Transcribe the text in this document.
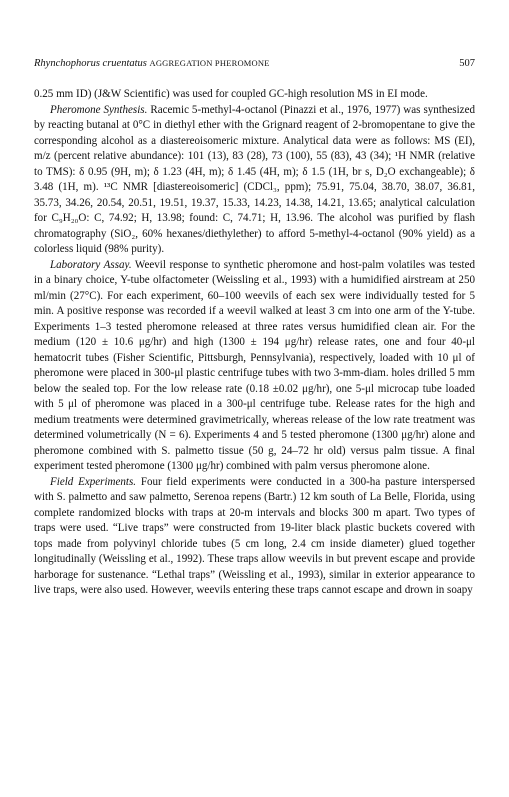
Rhynchophorus cruentatus AGGREGATION PHEROMONE	507

0.25 mm ID) (J&W Scientific) was used for coupled GC-high resolution MS in EI mode.

Pheromone Synthesis. Racemic 5-methyl-4-octanol (Pinazzi et al., 1976, 1977) was synthesized by reacting butanal at 0°C in diethyl ether with the Grignard reagent of 2-bromopentane to give the corresponding alcohol as a diastereoisomeric mixture. Analytical data were as follows: MS (EI), m/z (percent relative abundance): 101 (13), 83 (28), 73 (100), 55 (83), 43 (34); ¹H NMR (relative to TMS): δ 0.95 (9H, m); δ 1.23 (4H, m); δ 1.45 (4H, m); δ 1.5 (1H, br s, D₂O exchangeable); δ 3.48 (1H, m). ¹³C NMR [diastereoisomeric] (CDCl₃, ppm); 75.91, 75.04, 38.70, 38.07, 36.81, 35.73, 34.26, 20.54, 20.51, 19.51, 19.37, 15.33, 14.23, 14.38, 14.21, 13.65; analytical calculation for C₉H₂₀O: C, 74.92; H, 13.98; found: C, 74.71; H, 13.96. The alcohol was purified by flash chromatography (SiO₂, 60% hexanes/diethylether) to afford 5-methyl-4-octanol (90% yield) as a colorless liquid (98% purity).

Laboratory Assay. Weevil response to synthetic pheromone and host-palm volatiles was tested in a binary choice, Y-tube olfactometer (Weissling et al., 1993) with a humidified airstream at 250 ml/min (27°C). For each experiment, 60–100 weevils of each sex were individually tested for 5 min. A positive response was recorded if a weevil walked at least 3 cm into one arm of the Y-tube. Experiments 1–3 tested pheromone released at three rates versus humidified clean air. For the medium (120 ± 10.6 μg/hr) and high (1300 ± 194 μg/hr) release rates, one and four 40-μl hematocrit tubes (Fisher Scientific, Pittsburgh, Pennsylvania), respectively, loaded with 10 μl of pheromone were placed in 300-μl plastic centrifuge tubes with two 3-mm-diam. holes drilled 5 mm below the sealed top. For the low release rate (0.18 ±0.02 μg/hr), one 5-μl microcap tube loaded with 5 μl of pheromone was placed in a 300-μl centrifuge tube. Release rates for the high and medium treatments were determined gravimetrically, whereas release of the low rate treatment was determined volumetrically (N = 6). Experiments 4 and 5 tested pheromone (1300 μg/hr) alone and pheromone combined with S. palmetto tissue (50 g, 24–72 hr old) versus palm tissue. A final experiment tested pheromone (1300 μg/hr) combined with palm versus pheromone alone.

Field Experiments. Four field experiments were conducted in a 300-ha pasture interspersed with S. palmetto and saw palmetto, Serenoa repens (Bartr.) 12 km south of La Belle, Florida, using complete randomized blocks with traps at 20-m intervals and blocks 300 m apart. Two types of traps were used. “Live traps” were constructed from 19-liter black plastic buckets covered with tops made from polyvinyl chloride tubes (5 cm long, 2.4 cm inside diameter) glued together longitudinally (Weissling et al., 1992). These traps allow weevils in but prevent escape and provide harborage for sustenance. “Lethal traps” (Weissling et al., 1993), similar in exterior appearance to live traps, were also used. However, weevils entering these traps cannot escape and drown in soapy
